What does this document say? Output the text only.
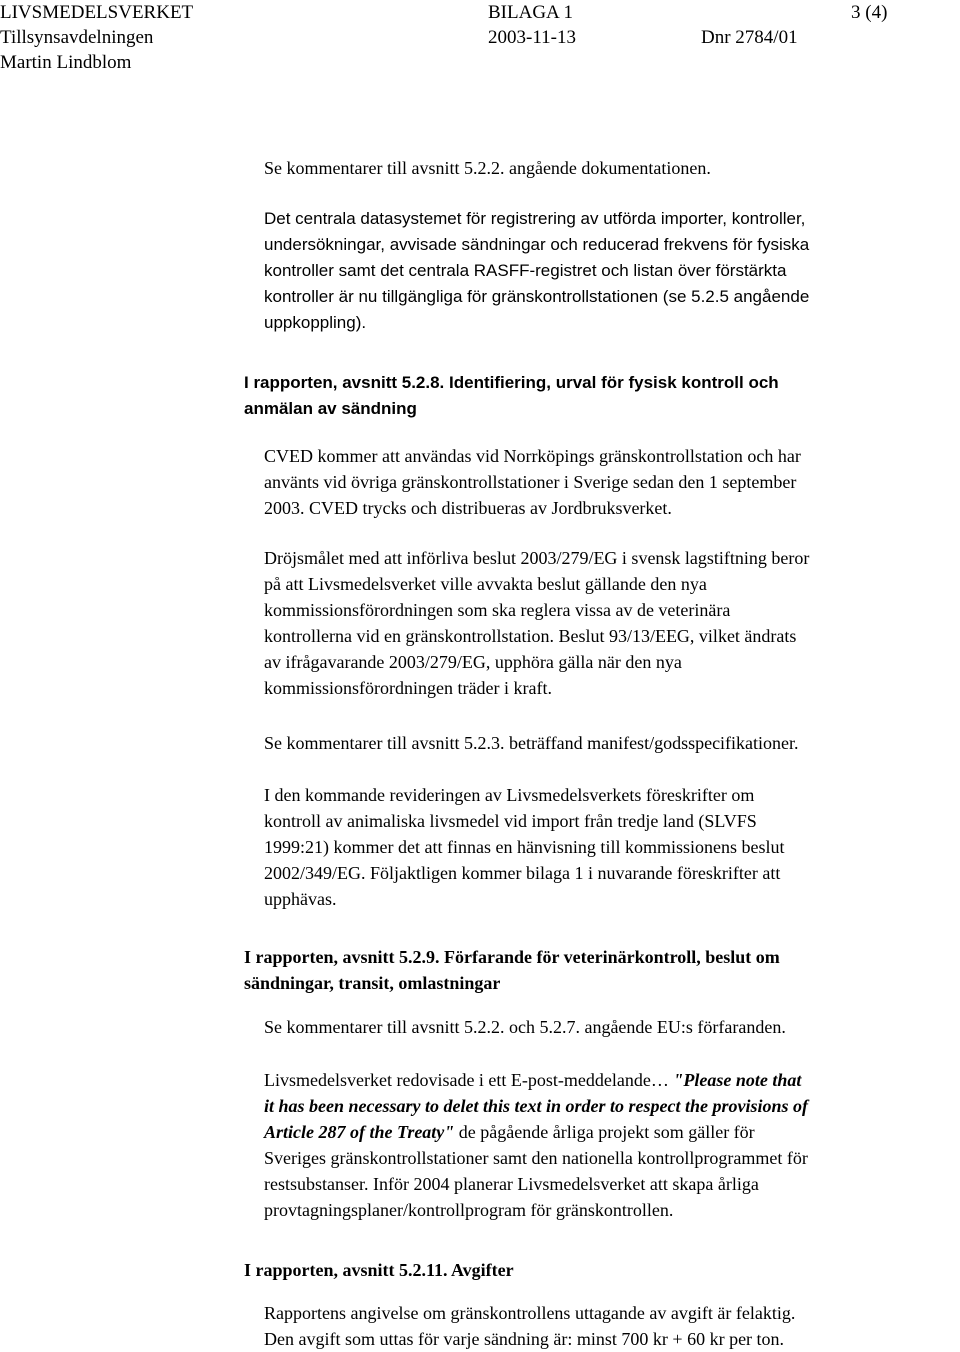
LIVSMEDELSVERKET	BILAGA 1	3 (4)
Tillsynsavdelningen	2003-11-13	Dnr 2784/01
Martin Lindblom
Se kommentarer till avsnitt 5.2.2. angående dokumentationen.
Det centrala datasystemet för registrering av utförda importer, kontroller,
undersökningar, avvisade sändningar och reducerad frekvens för fysiska
kontroller samt det centrala RASFF-registret och listan över förstärkta
kontroller är nu tillgängliga för gränskontrollstationen (se 5.2.5 angående
uppkoppling).
I rapporten, avsnitt 5.2.8. Identifiering, urval för fysisk kontroll och
anmälan av sändning
CVED kommer att användas vid Norrköpings gränskontrollstation och har
använts vid övriga gränskontrollstationer i Sverige sedan den 1 september
2003. CVED trycks och distribueras av Jordbruksverket.
Dröjsmålet med att införliva beslut 2003/279/EG i svensk lagstiftning beror
på att Livsmedelsverket ville avvakta beslut gällande den nya
kommissionsförordningen som ska reglera vissa av de veterinära
kontrollerna vid en gränskontrollstation. Beslut 93/13/EEG, vilket ändrats
av ifrågavarande 2003/279/EG, upphöra gälla när den nya
kommissionsförordningen träder i kraft.
Se kommentarer till avsnitt 5.2.3. beträffand manifest/godsspecifikationer.
I den kommande revideringen av Livsmedelsverkets föreskrifter om
kontroll av animaliska livsmedel vid import från tredje land (SLVFS
1999:21) kommer det att finnas en hänvisning till kommissionens beslut
2002/349/EG. Följaktligen kommer bilaga 1 i nuvarande föreskrifter att
upphävas.
I rapporten, avsnitt 5.2.9. Förfarande för veterinärkontroll, beslut om
sändningar, transit, omlastningar
Se kommentarer till avsnitt 5.2.2. och 5.2.7. angående EU:s förfaranden.
Livsmedelsverket redovisade i ett E-post-meddelande… "Please note that
it has been necessary to delet this text in order to respect the provisions of
Article 287 of the Treaty" de pågående årliga projekt som gäller för
Sveriges gränskontrollstationer samt den nationella kontrollprogrammet för
restsubstanser. Inför 2004 planerar Livsmedelsverket att skapa årliga
provtagningsplaner/kontrollprogram för gränskontrollen.
I rapporten, avsnitt 5.2.11. Avgifter
Rapportens angivelse om gränskontrollens uttagande av avgift är felaktig.
Den avgift som uttas för varje sändning är: minst 700 kr + 60 kr per ton.
